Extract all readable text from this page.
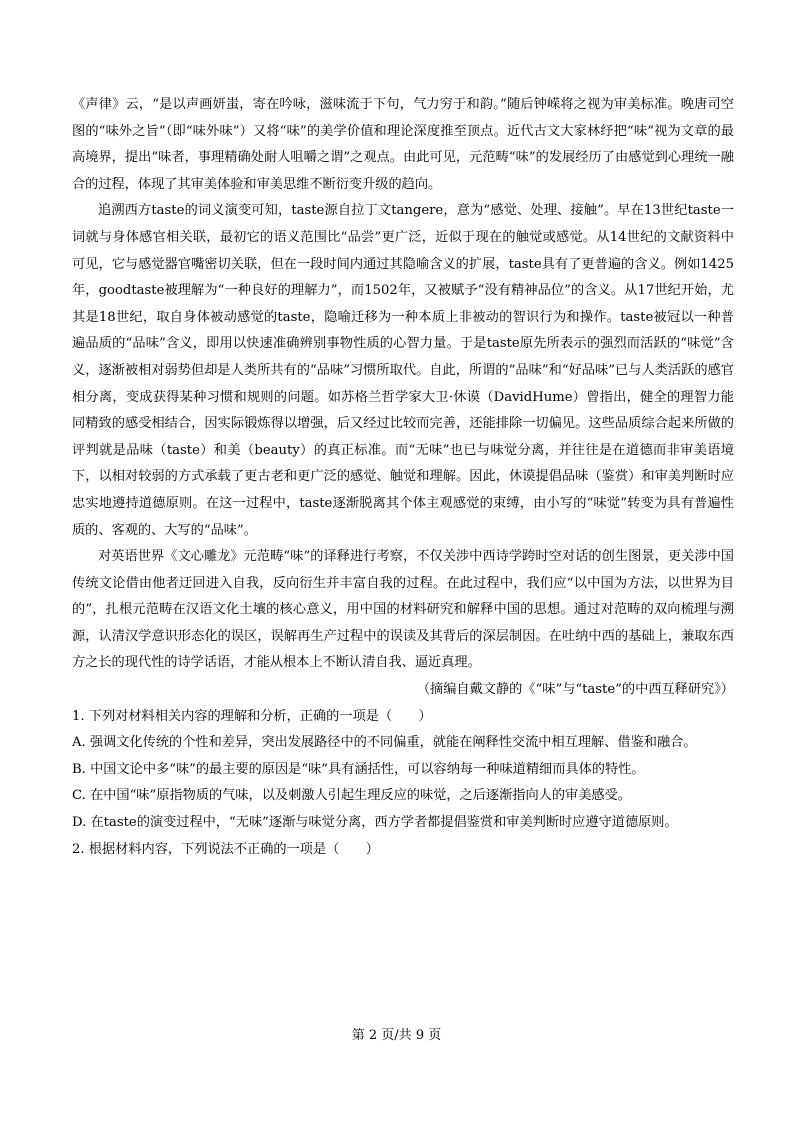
《声律》云，“是以声画妍蚩，寄在吟咏，滋味流于下句，气力穷于和韵。”随后钟嵘将之视为审美标准。晚唐司空图的“味外之旨”（即“味外味”）又将“味”的美学价值和理论深度推至顶点。近代古文大家林纾把“味”视为文章的最高境界，提出“味者，事理精确处耐人咀嚼之谓”之观点。由此可见，元范畴“味”的发展经历了由感觉到心理统一融合的过程，体现了其审美体验和审美思维不断衍变升级的趋向。

追溯西方taste的词义演变可知，taste源自拉丁文tangere，意为“感觉、处理、接触”。早在13世纪taste一词就与身体感官相关联，最初它的语义范围比“品尝”更广泛，近似于现在的触觉或感觉。从14世纪的文献资料中可见，它与感觉器官嘴密切关联，但在一段时间内通过其隐喻含义的扩展，taste具有了更普遍的含义。例如1425年，goodtaste被理解为“一种良好的理解力”，而1502年，又被赋予“没有精神品位”的含义。从17世纪开始，尤其是18世纪，取自身体被动感觉的taste，隐喻迁移为一种本质上非被动的智识行为和操作。taste被冠以一种普遍品质的“品味”含义，即用以快速准确辨别事物性质的心智力量。于是taste原先所表示的强烈而活跃的“味觉”含义，逐渐被相对弱势但却是人类所共有的“品味”习惯所取代。自此，所谓的“品味”和“好品味”已与人类活跃的感官相分离，变成获得某种习惯和规则的问题。如苏格兰哲学家大卫·休谟（DavidHume）曾指出，健全的理智力能同精致的感受相结合，因实际锻炼得以增强，后又经过比较而完善，还能排除一切偏见。这些品质综合起来所做的评判就是品味（taste）和美（beauty）的真正标准。而“无味”也已与味觉分离，并往往是在道德而非审美语境下，以相对较弱的方式承载了更古老和更广泛的感觉、触觉和理解。因此，休谟提倡品味（鉴赏）和审美判断时应忠实地遵持道德原则。在这一过程中，taste逐渐脱离其个体主观感觉的束缚，由小写的“味觉”转变为具有普遍性质的、客观的、大写的“品味”。

对英语世界《文心雕龙》元范畴“味”的译释进行考察，不仅关涉中西诗学跨时空对话的创生图景，更关涉中国传统文论借由他者迂回进入自我，反向衍生并丰富自我的过程。在此过程中，我们应“以中国为方法，以世界为目的”，扎根元范畴在汉语文化土壤的核心意义，用中国的材料研究和解释中国的思想。通过对范畴的双向梳理与溯源，认清汉学意识形态化的误区，误解再生产过程中的误读及其背后的深层制因。在吐纳中西的基础上，兼取东西方之长的现代性的诗学话语，才能从根本上不断认清自我、逼近真理。

（摘编自戴文静的《“味”与“taste”的中西互释研究》）

1. 下列对材料相关内容的理解和分析，正确的一项是（　　）

A. 强调文化传统的个性和差异，突出发展路径中的不同偏重，就能在阐释性交流中相互理解、借鉴和融合。

B. 中国文论中多“味”的最主要的原因是“味”具有涵括性，可以容纳每一种味道精细而具体的特性。

C. 在中国“味”原指物质的气味，以及刺激人引起生理反应的味觉，之后逐渐指向人的审美感受。

D. 在taste的演变过程中，“无味”逐渐与味觉分离，西方学者都提倡鉴赏和审美判断时应遵守道德原则。

2. 根据材料内容，下列说法不正确的一项是（　　）

第 2 页/共 9 页
